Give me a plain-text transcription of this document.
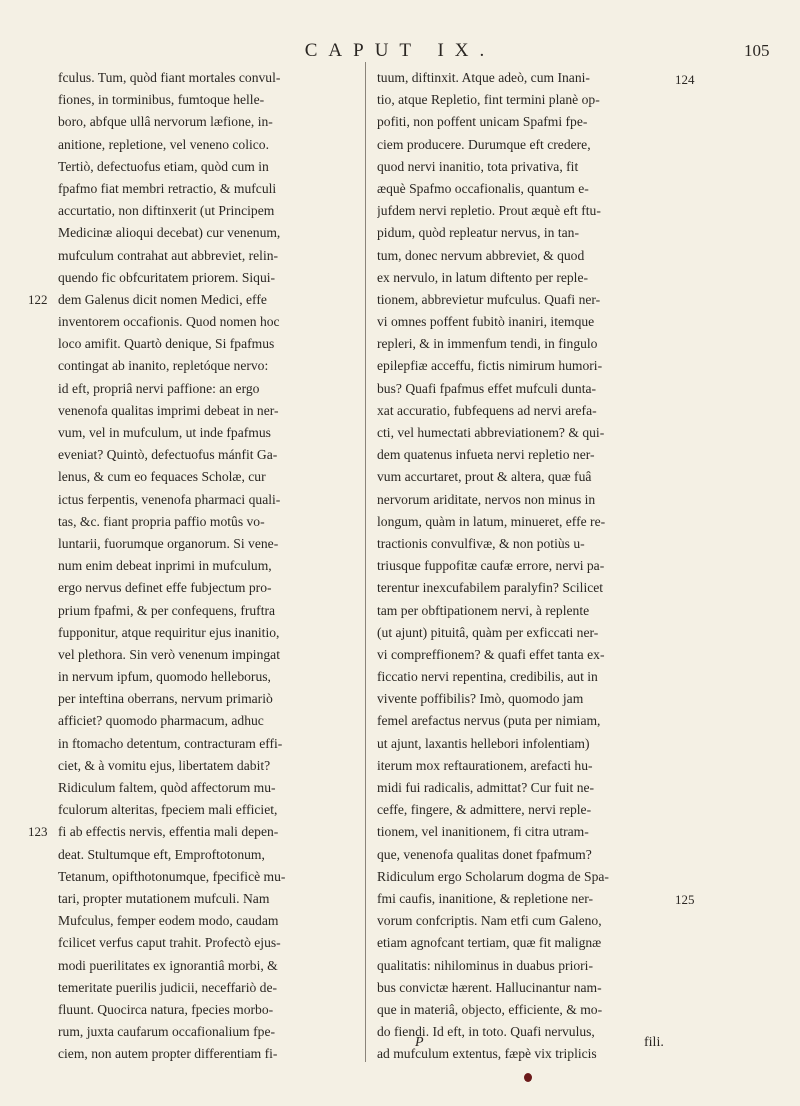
CAPUT IX.	105
fculus. Tum, quòd fiant mortales convul-
fiones, in torminibus, fumtoque helle-
boro, abfque ullâ nervorum læfione, in-
anitione, repletione, vel veneno colico.
Tertiò, defectuofus etiam, quòd cum in
fpafmo fiat membri retractio, & mufculi
accurtatio, non diftinxerit (ut Principem
Medicinæ alioqui decebat) cur venenum,
mufculum contrahat aut abbreviet, relin-
quendo fic obfcuritatem priorem. Siqui-
dem Galenus dicit nomen Medici, effe
inventorem occafionis. Quod nomen hoc
loco amifit. Quartò denique, Si fpafmus
contingat ab inanito, repletóque nervo:
id eft, propriâ nervi paffione: an ergo
venenofa qualitas imprimi debeat in ner-
vum, vel in mufculum, ut inde fpafmus
eveniat? Quintò, defectuofus mánfit Ga-
lenus, & cum eo fequaces Scholæ, cur
ictus ferpentis, venenofa pharmaci quali-
tas, &c. fiant propria paffio motûs vo-
luntarii, fuorumque organorum. Si vene-
num enim debeat inprimi in mufculum,
ergo nervus definet effe fubjectum pro-
prium fpafmi, & per confequens, fruftra
fupponitur, atque requiritur ejus inanitio,
vel plethora. Sin verò venenum impingat
in nervum ipfum, quomodo helleborus,
per inteftina oberrans, nervum primariò
afficiet? quomodo pharmacum, adhuc
in ftomacho detentum, contracturam effi-
ciet, & à vomitu ejus, libertatem dabit?
Ridiculum faltem, quòd affectorum mu-
fculorum alteritas, fpeciem mali efficiet,
fi ab effectis nervis, effentia mali depen-
deat. Stultumque eft, Emproftotonum,
Tetanum, opifthotonumque, fpecificè mu-
tari, propter mutationem mufculi. Nam
Mufculus, femper eodem modo, caudam
fcilicet verfus caput trahit. Profectò ejus-
modi puerilitates ex ignorantiâ morbi, &
temeritate puerilis judicii, neceffariò de-
fluunt. Quocirca natura, fpecies morbo-
rum, juxta caufarum occafionalium fpe-
ciem, non autem propter differentiam fi-
tuum, diftinxit. Atque adeò, cum Inani-
tio, atque Repletio, fint termini planè op-
pofiti, non poffent unicam Spafmi fpe-
ciem producere. Durumque eft credere,
quod nervi inanitio, tota privativa, fit
æquè Spafmo occafionalis, quantum e-
jufdem nervi repletio. Prout æquè eft ftu-
pidum, quòd repleatur nervus, in tan-
tum, donec nervum abbreviet, & quod
ex nervulo, in latum diftento per reple-
tionem, abbrevietur mufculus. Quafi ner-
vi omnes poffent fubitò inaniri, itemque
repleri, & in immenfum tendi, in fingulo
epilepfiæ acceffu, fictis nimirum humori-
bus? Quafi fpafmus effet mufculi dunta-
xat accuratio, fubfequens ad nervi arefa-
cti, vel humectati abbreviationem? & qui-
dem quatenus infueta nervi repletio ner-
vum accurtaret, prout & altera, quæ fuâ
nervorum ariditate, nervos non minus in
longum, quàm in latum, minueret, effe re-
tractionis convulfivæ, & non potiùs u-
triusque fuppofitæ caufæ errore, nervi pa-
terentur inexcufabilem paralyfin? Scilicet
tam per obftipationem nervi, à replente
(ut ajunt) pituitâ, quàm per exficcati ner-
vi compreffionem? & quafi effet tanta ex-
ficcatio nervi repentina, credibilis, aut in
vivente poffibilis? Imò, quomodo jam
femel arefactus nervus (puta per nimiam,
ut ajunt, laxantis hellebori infolentiam)
iterum mox reftaurationem, arefacti hu-
midi fui radicalis, admittat? Cur fuit ne-
ceffe, fingere, & admittere, nervi reple-
tionem, vel inanitionem, fi citra utram-
que, venenofa qualitas donet fpafmum?
Ridiculum ergo Scholarum dogma de Spa-
fmi caufis, inanitione, & repletione ner-
vorum confcriptis. Nam etfi cum Galeno,
etiam agnofcant tertiam, quæ fit malignæ
qualitatis: nihilominus in duabus priori-
bus convictæ hærent. Hallucinantur nam-
que in materiâ, objecto, efficiente, & mo-
do fiendi. Id eft, in toto. Quafi nervulus,
ad mufculum extentus, fæpè vix triplicis
122
123
124
125
P	fili.
